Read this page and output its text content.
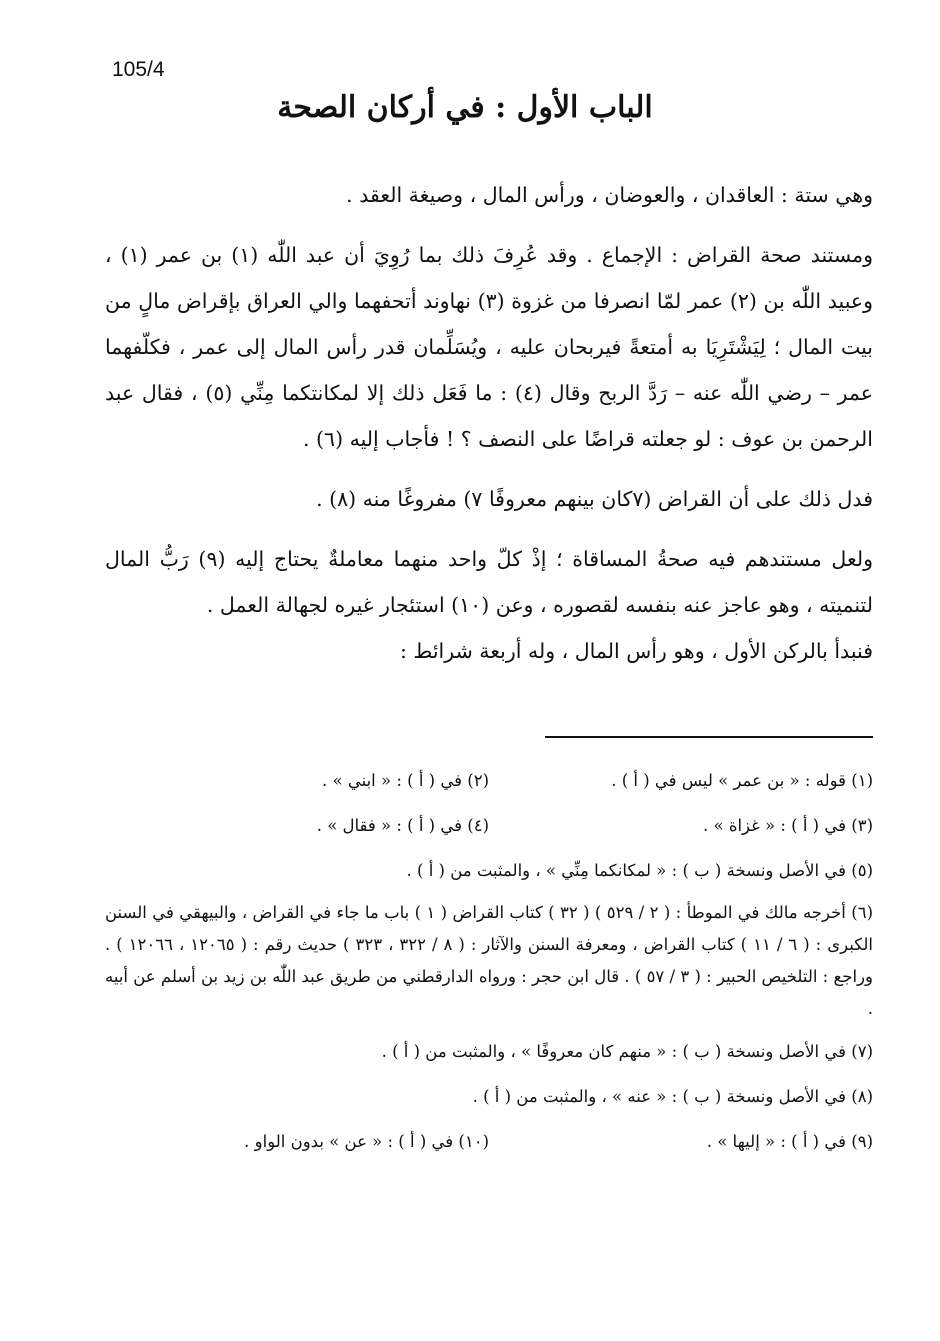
105/4
الباب الأول : في أركان الصحة

وهي ستة : العاقدان ، والعوضان ، ورأس المال ، وصيغة العقد .

ومستند صحة القراض : الإجماع . وقد عُرِفَ ذلك بما رُوِيَ أن عبد اللّٰه (١) بن عمر (١) ، وعبيد اللّٰه بن (٢) عمر لمّا انصرفا من غزوة (٣) نهاوند أتحفهما والي العراق بإقراض مالٍ من بيت المال ؛ لِيَشْتَرِيَا به أمتعةً فيربحان عليه ، ويُسَلِّمان قدر رأس المال إلى عمر ، فكلّفهما عمر – رضي اللّٰه عنه – رَدَّ الربح وقال (٤) : ما فَعَل ذلك إلا لمكانتكما مِنِّي (٥) ، فقال عبد الرحمن بن عوف : لو جعلته قراضًا على النصف ؟ ! فأجاب إليه (٦) .

فدل ذلك على أن القراض (٧كان بينهم معروفًا ٧) مفروغًا منه (٨) .

ولعل مستندهم فيه صحةُ المساقاة ؛ إذْ كلّ واحد منهما معاملةٌ يحتاج إليه (٩) رَبُّ المال لتنميته ، وهو عاجز عنه بنفسه لقصوره ، وعن (١٠) استئجار غيره لجهالة العمل .

فنبدأ بالركن الأول ، وهو رأس المال ، وله أربعة شرائط :

(١) قوله : « بن عمر » ليس في ( أ ) .
(٢) في ( أ ) : « ابني » .
(٣) في ( أ ) : « غزاة » .
(٤) في ( أ ) : « فقال » .
(٥) في الأصل ونسخة ( ب ) : « لمكانكما مِنِّي » ، والمثبت من ( أ ) .
(٦) أخرجه مالك في الموطأ : ( ٢ / ٥٢٩ ) ( ٣٢ ) كتاب القراض ( ١ ) باب ما جاء في القراض ، والبيهقي في السنن الكبرى : ( ٦ / ١١ ) كتاب القراض ، ومعرفة السنن والآثار : ( ٨ / ٣٢٢ ، ٣٢٣ ) حديث رقم : ( ١٢٠٦٥ ، ١٢٠٦٦ ) . وراجع : التلخيص الحبير : ( ٣ / ٥٧ ) . قال ابن حجر : ورواه الدارقطني من طريق عبد اللّٰه بن زيد بن أسلم عن أبيه .
(٧) في الأصل ونسخة ( ب ) : « منهم كان معروفًا » ، والمثبت من ( أ ) .
(٨) في الأصل ونسخة ( ب ) : « عنه » ، والمثبت من ( أ ) .
(٩) في ( أ ) : « إليها » .
(١٠) في ( أ ) : « عن » بدون الواو .
